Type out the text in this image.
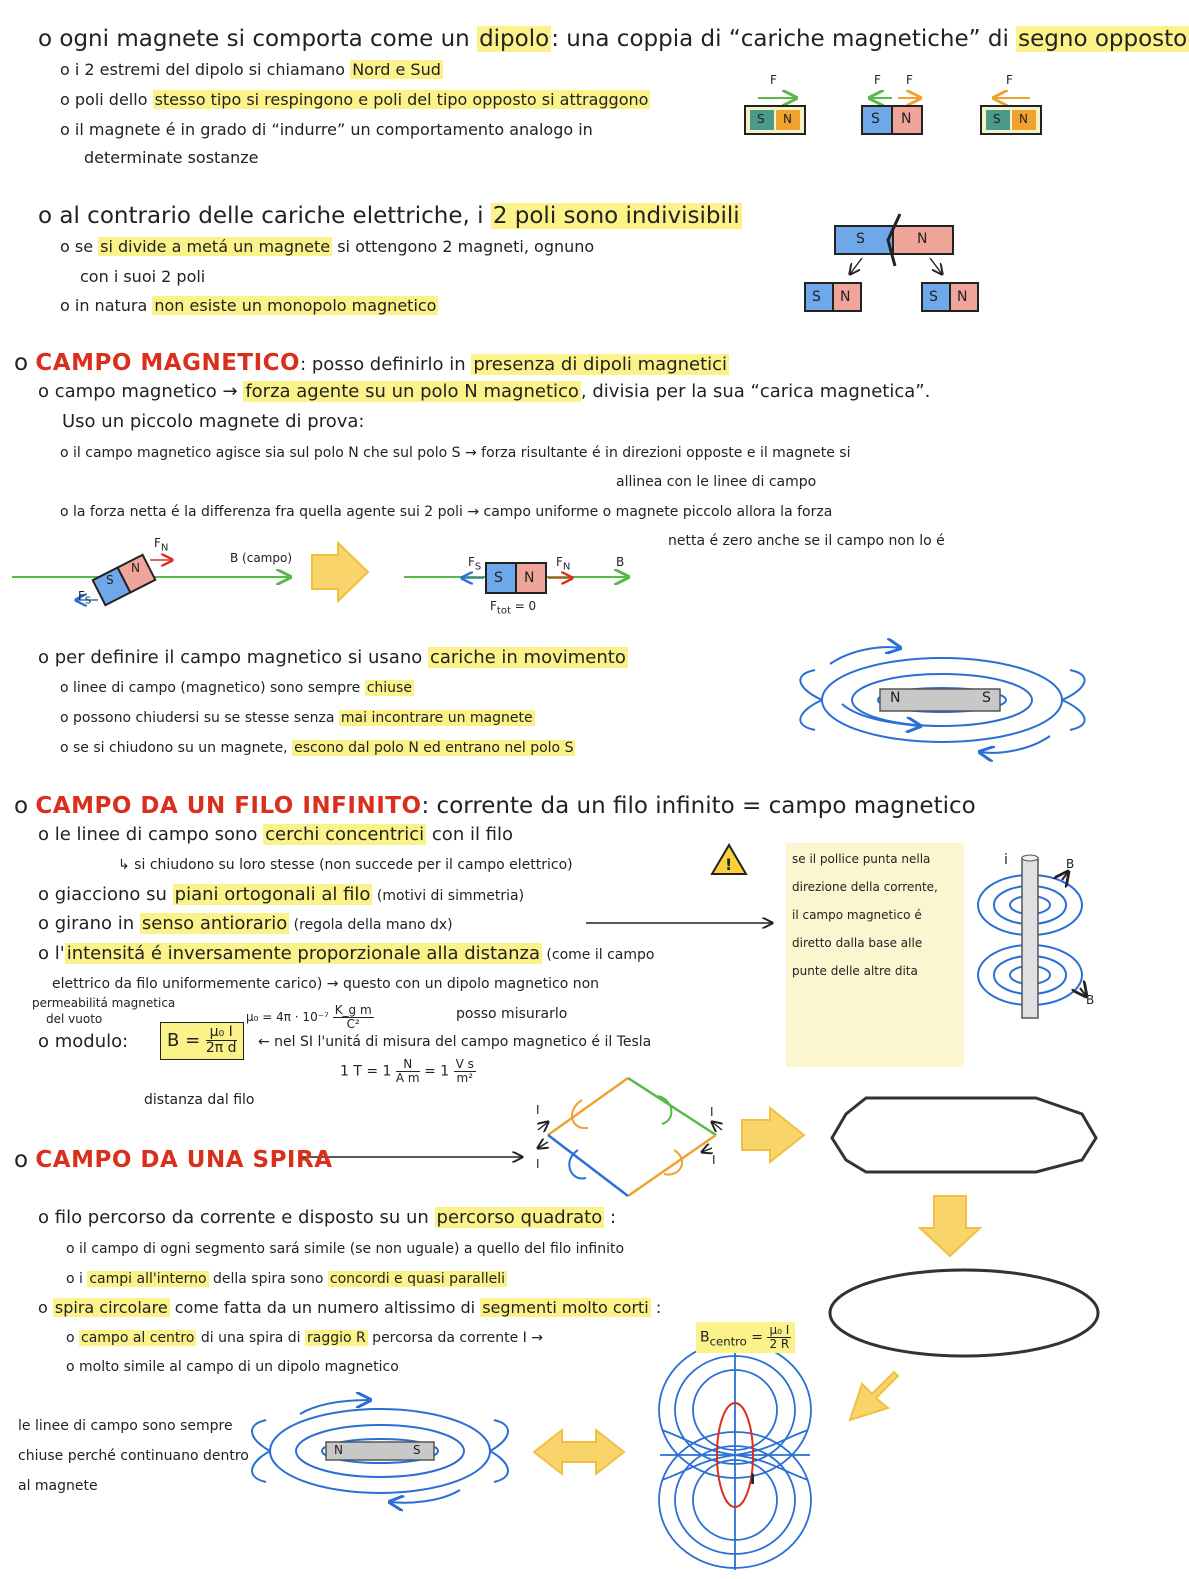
!
o ogni magnete si comporta come un dipolo: una coppia di “cariche magnetiche” di segno opposto
o i 2 estremi del dipolo si chiamano Nord e Sud
o poli dello stesso tipo si respingono e poli del tipo opposto si attraggono
o il magnete é in grado di “indurre” un comportamento analogo in
determinate sostanze
F	F F	F
S N	S N	S N
o al contrario delle cariche elettriche, i 2 poli sono indivisibili
o se si divide a metá un magnete si ottengono 2 magneti, ognuno
con i suoi 2 poli
o in natura non esiste un monopolo magnetico
S	N
S N	S N
o CAMPO MAGNETICO: posso definirlo in presenza di dipoli magnetici
o campo magnetico → forza agente su un polo N magnetico , divisia per la sua “carica magnetica”.
Uso un piccolo magnete di prova:
o il campo magnetico agisce sia sul polo N che sul polo S → forza risultante é in direzioni opposte e il magnete si
allinea con le linee di campo
o la forza netta é la differenza fra quella agente sui 2 poli → campo uniforme o magnete piccolo allora la forza
netta é zero anche se il campo non lo é
$F_N$
$F_S$
B (campo)
S
N	$F_S$	$F_N$	B
S N
$F_{tot} = 0$
o per definire il campo magnetico si usano cariche in movimento
o linee di campo (magnetico) sono sempre chiuse
o possono chiudersi su se stesse senza mai incontrare un magnete
o se si chiudono su un magnete, escono dal polo N ed entrano nel polo S
N	S
o CAMPO DA UN FILO INFINITO: corrente da un filo infinito = campo magnetico
o le linee di campo sono cerchi concentrici con il filo
↳ si chiudono su loro stesse (non succede per il campo elettrico)
o giacciono su piani ortogonali al filo (motivi di simmetria)
o girano in senso antiorario (regola della mano dx)
o l' intensitá é inversamente proporzionale alla distanza (come il campo
elettrico da filo uniformemente carico) → questo con un dipolo magnetico non
posso misurarlo
permeabilitá magnetica
del vuoto	$\mu_0 = 4\pi \cdot 10^{-7} \frac{\text{K\_g m}}{\text{C²}}$
o modulo:	$B = \frac{\text{μ₀ I}}{\text{2π d}}$ ← nel SI l'unitá di misura del campo magnetico é il Tesla
1 $T = 1 \frac{N}{\text{A m}} = 1 \frac{\text{V s}}{\text{m²}}$
distanza dal filo
se il pollice punta nella
direzione della corrente,
il campo magnetico é
diretto dalla base alle
punte delle altre dita
i	B
B
o CAMPO DA UNA SPIRA
I	I
I	I
o filo percorso da corrente e disposto su un percorso quadrato :
o il campo di ogni segmento sará simile (se non uguale) a quello del filo infinito
o i campi all'interno della spira sono concordi e quasi paralleli
o spira circolare come fatta da un numero altissimo di segmenti molto corti :
o campo al centro di una spira di raggio R percorsa da corrente I →	$B_{centro} = \frac{\text{μ₀ I}}{2 R}$
o molto simile al campo di un dipolo magnetico
le linee di campo sono sempre
chiuse perché continuano dentro
al magnete
N	S
I
